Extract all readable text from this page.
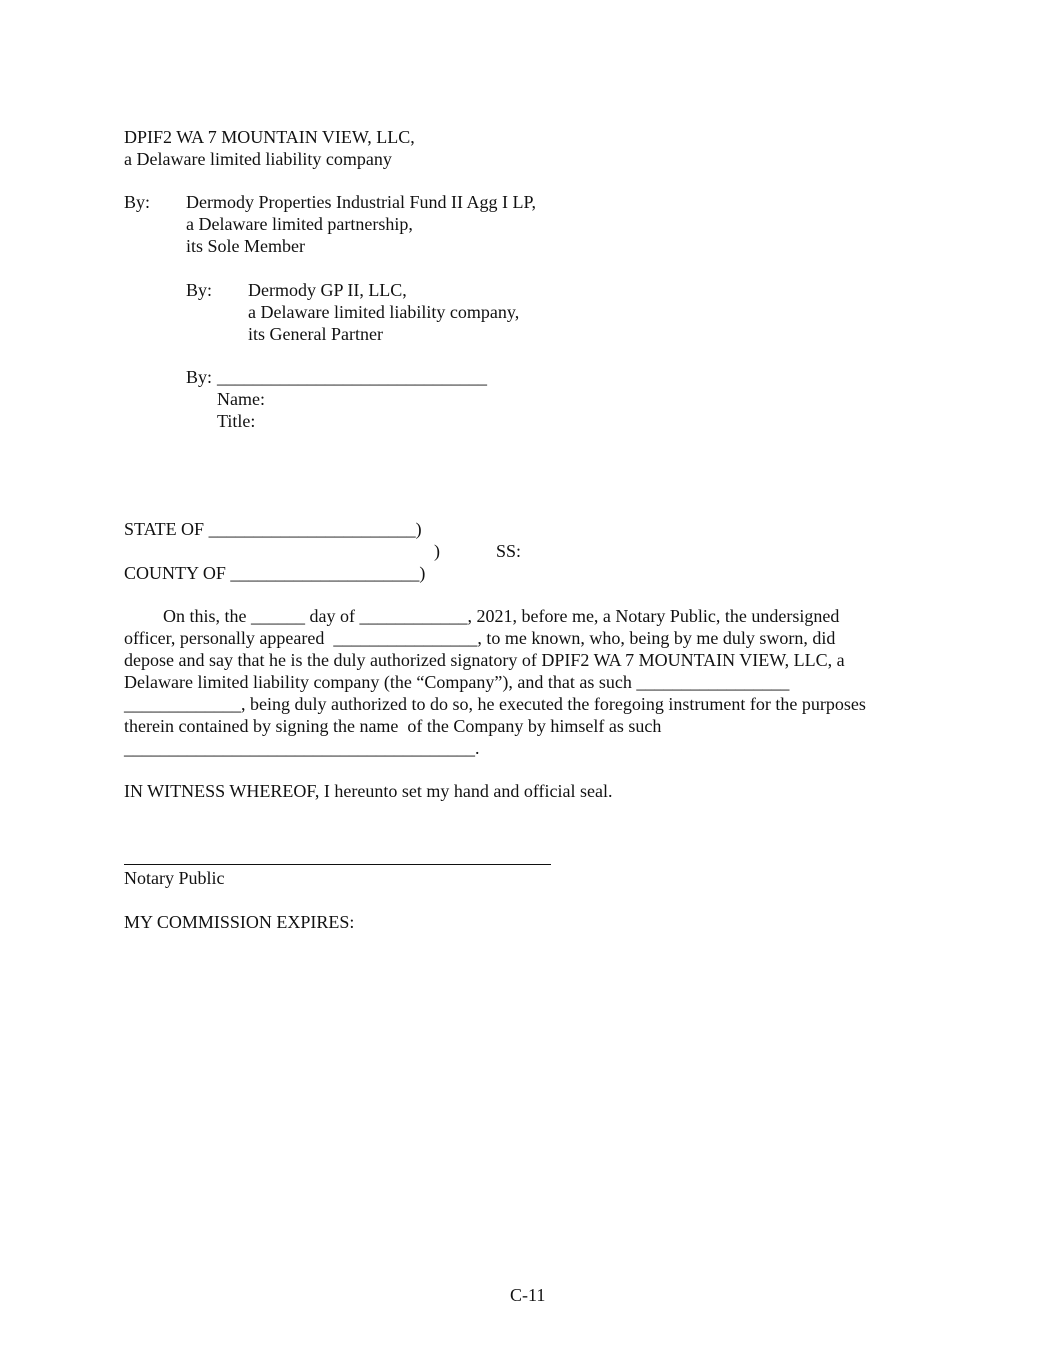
DPIF2 WA 7 MOUNTAIN VIEW, LLC,
a Delaware limited liability company
By: Dermody Properties Industrial Fund II Agg I LP,
a Delaware limited partnership,
its Sole Member
By: Dermody GP II, LLC,
a Delaware limited liability company,
its General Partner
By: ______________________________
Name:
Title:
STATE OF _______________________)
)	SS:
COUNTY OF _____________________)
On this, the ______ day of ____________, 2021, before me, a Notary Public, the undersigned
officer, personally appeared  ________________, to me known, who, being by me duly sworn, did
depose and say that he is the duly authorized signatory of DPIF2 WA 7 MOUNTAIN VIEW, LLC, a
Delaware limited liability company (the “Company”), and that as such _________________
_____________, being duly authorized to do so, he executed the foregoing instrument for the purposes
therein contained by signing the name  of the Company by himself as such
_______________________________________.
IN WITNESS WHEREOF, I hereunto set my hand and official seal.
Notary Public
MY COMMISSION EXPIRES:
C-11
